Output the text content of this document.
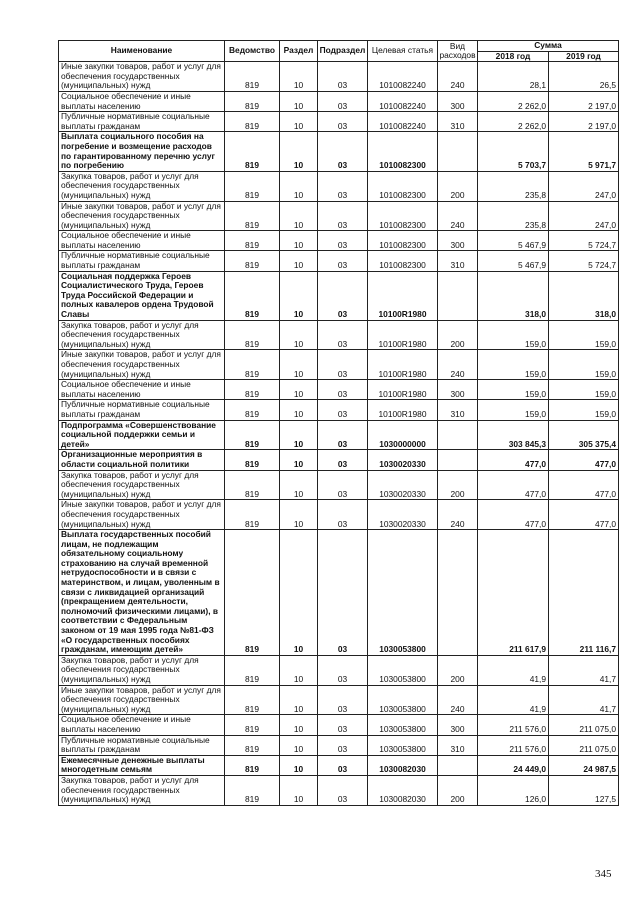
Наименование	Ведомство	Раздел	Подраздел	Целевая статья	Вид расходов	Сумма	
						2018 год	2019 год
Иные закупки товаров, работ и услуг для обеспечения государственных (муниципальных) нужд	819	10	03	1010082240	240	28,1	26,5
Социальное обеспечение и иные выплаты населению	819	10	03	1010082240	300	2 262,0	2 197,0
Публичные нормативные социальные выплаты гражданам	819	10	03	1010082240	310	2 262,0	2 197,0
Выплата социального пособия на погребение и возмещение расходов по гарантированному перечню услуг по погребению	819	10	03	1010082300		5 703,7	5 971,7
Закупка товаров, работ и услуг для обеспечения государственных (муниципальных) нужд	819	10	03	1010082300	200	235,8	247,0
Иные закупки товаров, работ и услуг для обеспечения государственных (муниципальных) нужд	819	10	03	1010082300	240	235,8	247,0
Социальное обеспечение и иные выплаты населению	819	10	03	1010082300	300	5 467,9	5 724,7
Публичные нормативные социальные выплаты гражданам	819	10	03	1010082300	310	5 467,9	5 724,7
Социальная поддержка Героев Социалистического Труда, Героев Труда Российской Федерации и полных кавалеров ордена Трудовой Славы	819	10	03	10100R1980		318,0	318,0
Закупка товаров, работ и услуг для обеспечения государственных (муниципальных) нужд	819	10	03	10100R1980	200	159,0	159,0
Иные закупки товаров, работ и услуг для обеспечения государственных (муниципальных) нужд	819	10	03	10100R1980	240	159,0	159,0
Социальное обеспечение и иные выплаты населению	819	10	03	10100R1980	300	159,0	159,0
Публичные нормативные социальные выплаты гражданам	819	10	03	10100R1980	310	159,0	159,0
Подпрограмма «Совершенствование социальной поддержки семьи и детей»	819	10	03	1030000000		303 845,3	305 375,4
Организационные мероприятия в области социальной политики	819	10	03	1030020330		477,0	477,0
Закупка товаров, работ и услуг для обеспечения государственных (муниципальных) нужд	819	10	03	1030020330	200	477,0	477,0
Иные закупки товаров, работ и услуг для обеспечения государственных (муниципальных) нужд	819	10	03	1030020330	240	477,0	477,0
Выплата государственных пособий лицам, не подлежащим обязательному социальному страхованию на случай временной нетрудоспособности и в связи с материнством, и лицам, уволенным в связи с ликвидацией организаций (прекращением деятельности, полномочий физическими лицами), в соответствии с Федеральным законом от 19 мая 1995 года №81-ФЗ «О государственных пособиях гражданам, имеющим детей»	819	10	03	1030053800		211 617,9	211 116,7
Закупка товаров, работ и услуг для обеспечения государственных (муниципальных) нужд	819	10	03	1030053800	200	41,9	41,7
Иные закупки товаров, работ и услуг для обеспечения государственных (муниципальных) нужд	819	10	03	1030053800	240	41,9	41,7
Социальное обеспечение и иные выплаты населению	819	10	03	1030053800	300	211 576,0	211 075,0
Публичные нормативные социальные выплаты гражданам	819	10	03	1030053800	310	211 576,0	211 075,0
Ежемесячные денежные выплаты многодетным семьям	819	10	03	1030082030		24 449,0	24 987,5
Закупка товаров, работ и услуг для обеспечения государственных (муниципальных) нужд	819	10	03	1030082030	200	126,0	127,5
345
